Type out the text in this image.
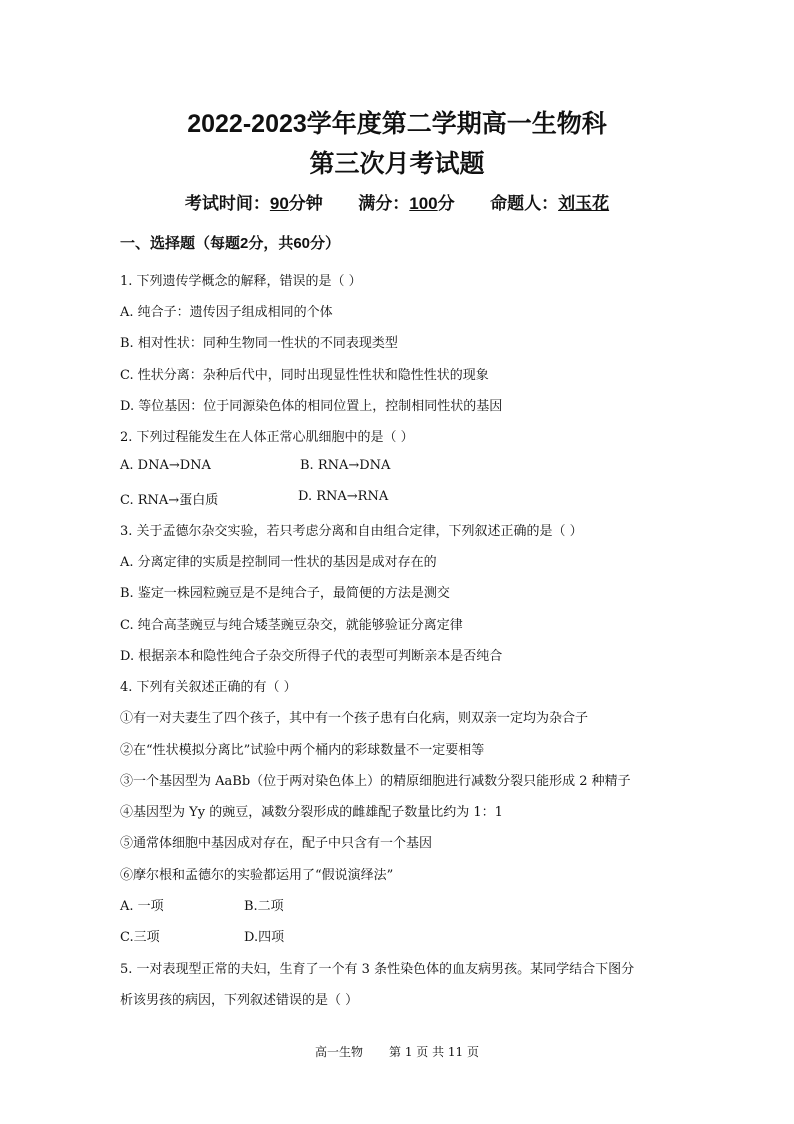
2022-2023学年度第二学期高一生物科
第三次月考试题
考试时间：90分钟 满分：100分 命题人：刘玉花
一、选择题（每题2分，共60分）
1. 下列遗传学概念的解释，错误的是（ ）
A. 纯合子：遗传因子组成相同的个体
B. 相对性状：同种生物同一性状的不同表现类型
C. 性状分离：杂种后代中，同时出现显性性状和隐性性状的现象
D. 等位基因：位于同源染色体的相同位置上，控制相同性状的基因
2. 下列过程能发生在人体正常心肌细胞中的是（ ）
A. DNA→DNA	B. RNA→DNA
C. RNA→蛋白质	D. RNA→RNA
3. 关于孟德尔杂交实验，若只考虑分离和自由组合定律，下列叙述正确的是（ ）
A. 分离定律的实质是控制同一性状的基因是成对存在的
B. 鉴定一株园粒豌豆是不是纯合子，最简便的方法是测交
C. 纯合高茎豌豆与纯合矮茎豌豆杂交，就能够验证分离定律
D. 根据亲本和隐性纯合子杂交所得子代的表型可判断亲本是否纯合
4. 下列有关叙述正确的有（ ）
①有一对夫妻生了四个孩子，其中有一个孩子患有白化病，则双亲一定均为杂合子
②在“性状模拟分离比”试验中两个桶内的彩球数量不一定要相等
③一个基因型为 AaBb（位于两对染色体上）的精原细胞进行减数分裂只能形成 2 种精子
④基因型为 Yy 的豌豆，减数分裂形成的雌雄配子数量比约为 1：1
⑤通常体细胞中基因成对存在，配子中只含有一个基因
⑥摩尔根和孟德尔的实验都运用了“假说演绎法”
A. 一项	B.二项
C.三项	D.四项
5. 一对表现型正常的夫妇，生育了一个有 3 条性染色体的血友病男孩。某同学结合下图分
析该男孩的病因，下列叙述错误的是（ ）
高一生物 第 1 页 共 11 页
